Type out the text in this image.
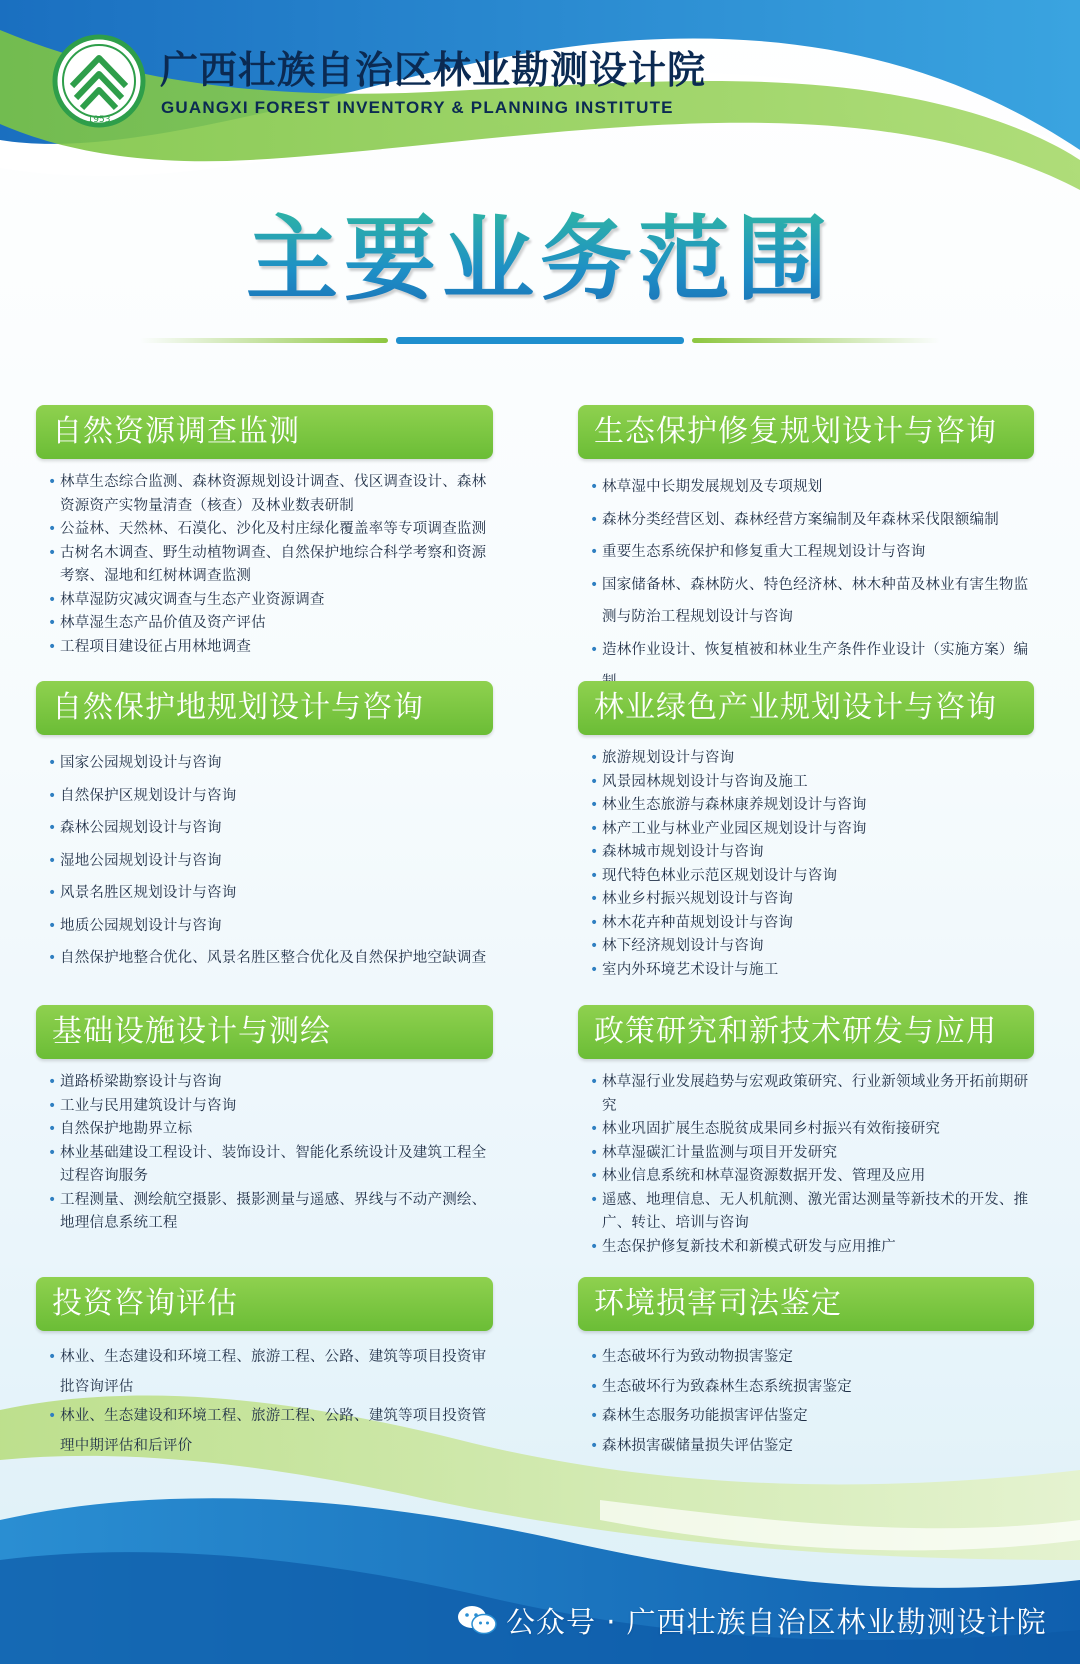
1953
广西壮族自治区林业勘测设计院

GUANGXI FOREST INVENTORY & PLANNING INSTITUTE

主要业务范围
自然资源调查监测
• 林草生态综合监测、森林资源规划设计调查、伐区调查设计、森林资源资产实物量清查（核查）及林业数表研制
• 公益林、天然林、石漠化、沙化及村庄绿化覆盖率等专项调查监测
• 古树名木调查、野生动植物调查、自然保护地综合科学考察和资源考察、湿地和红树林调查监测
• 林草湿防灾减灾调查与生态产业资源调查
• 林草湿生态产品价值及资产评估
• 工程项目建设征占用林地调查
生态保护修复规划设计与咨询
• 林草湿中长期发展规划及专项规划
• 森林分类经营区划、森林经营方案编制及年森林采伐限额编制
• 重要生态系统保护和修复重大工程规划设计与咨询
• 国家储备林、森林防火、特色经济林、林木种苗及林业有害生物监测与防治工程规划设计与咨询
• 造林作业设计、恢复植被和林业生产条件作业设计（实施方案）编
自然保护地规划设计与咨询
• 国家公园规划设计与咨询
• 自然保护区规划设计与咨询
• 森林公园规划设计与咨询
• 湿地公园规划设计与咨询
• 风景名胜区规划设计与咨询
• 地质公园规划设计与咨询
• 自然保护地整合优化、风景名胜区整合优化及自然保护地空缺调查
林业绿色产业规划设计与咨询
• 旅游规划设计与咨询
• 风景园林规划设计与咨询及施工
• 林业生态旅游与森林康养规划设计与咨询
• 林产工业与林业产业园区规划设计与咨询
• 森林城市规划设计与咨询
• 现代特色林业示范区规划设计与咨询
• 林业乡村振兴规划设计与咨询
• 林木花卉种苗规划设计与咨询
• 林下经济规划设计与咨询
• 室内外环境艺术设计与施工
基础设施设计与测绘
• 道路桥梁勘察设计与咨询
• 工业与民用建筑设计与咨询
• 自然保护地勘界立标
• 林业基础建设工程设计、装饰设计、智能化系统设计及建筑工程全过程咨询服务
• 工程测量、测绘航空摄影、摄影测量与遥感、界线与不动产测绘、地理信息系统工程
政策研究和新技术研发与应用
• 林草湿行业发展趋势与宏观政策研究、行业新领域业务开拓前期研究
• 林业巩固扩展生态脱贫成果同乡村振兴有效衔接研究
• 林草湿碳汇计量监测与项目开发研究
• 林业信息系统和林草湿资源数据开发、管理及应用
• 遥感、地理信息、无人机航测、激光雷达测量等新技术的开发、推广、转让、培训与咨询
• 生态保护修复新技术和新模式研发与应用推广
投资咨询评估
• 林业、生态建设和环境工程、旅游工程、公路、建筑等项目投资审批咨询评估
• 林业、生态建设和环境工程、旅游工程、公路、建筑等项目投资管理中期评估和后评价
环境损害司法鉴定
• 生态破坏行为致动物损害鉴定
• 生态破坏行为致森林生态系统损害鉴定
• 森林生态服务功能损害评估鉴定
• 森林损害碳储量损失评估鉴定
公众号 · 广西壮族自治区林业勘测设计院
